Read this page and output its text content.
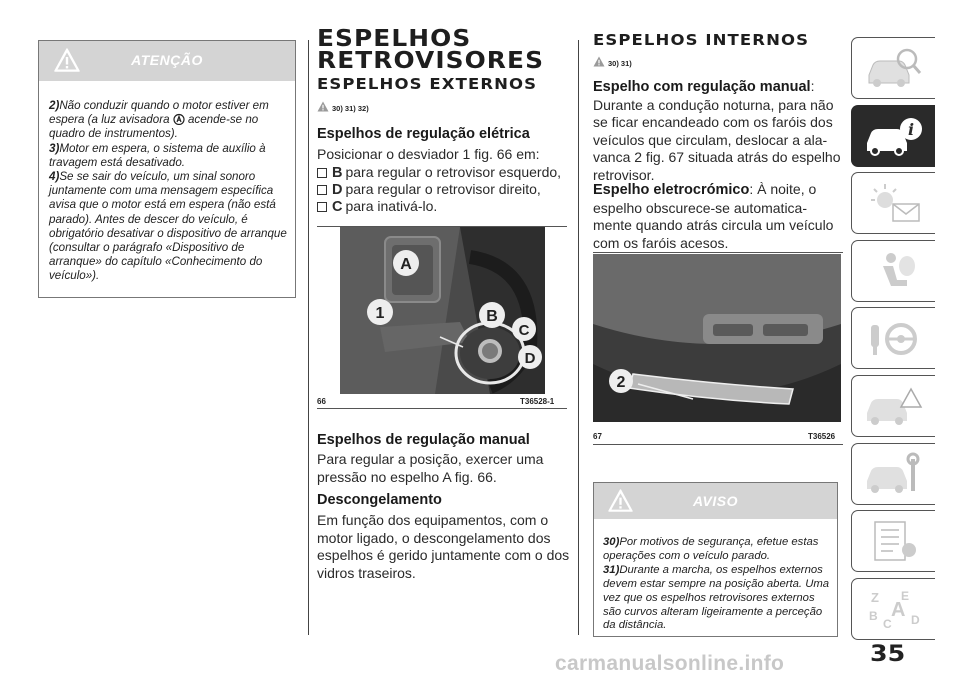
ATENÇÃO

2)Não conduzir quando o motor estiver em espera (a luz avisadora  acende-se no quadro de instrumentos).

3)Motor em espera, o sistema de auxílio à travagem está desativado.

4)Se se sair do veículo, um sinal sonoro juntamente com uma mensagem específica avisa que o motor está em espera (não está parado). Antes de descer do veículo, é obrigatório desativar o dispositivo de arranque (consultar o parágrafo «Dispositivo de arranque» do capítulo «Conhecimento do veículo»).

ESPELHOS
RETROVISORES
ESPELHOS EXTERNOS
30) 31) 32)
Espelhos de regulação elétrica
Posicionar o desviador 1 fig. 66 em:
B para regular o retrovisor esquerdo,
D para regular o retrovisor direito,
C para inativá-lo.
A
1	B
C
D
66	T36528-1
Espelhos de regulação manual
Para regular a posição, exercer uma pressão no espelho A fig. 66.
Descongelamento
Em função dos equipamentos, com o motor ligado, o descongelamento dos espelhos é gerido juntamente com o dos vidros traseiros.
ESPELHOS INTERNOS
30) 31)
Espelho com regulação manual: Durante a condução noturna, para não se ficar encandeado com os faróis dos veículos que circulam, deslocar a ala-vanca 2 fig. 67 situada atrás do espelho retrovisor.
Espelho eletrocrómico: À noite, o espelho obscurece-se automatica-mente quando atrás circula um veículo com os faróis acesos.
2
67	T36526
AVISO

30)Por motivos de segurança, efetue estas operações com o veículo parado.

31)Durante a marcha, os espelhos externos devem estar sempre na posição aberta. Uma vez que os espelhos retrovisores externos são curvos alteram ligeiramente a perceção da distância.

i
Z E
B
C
A D
35
carmanualsonline.info
